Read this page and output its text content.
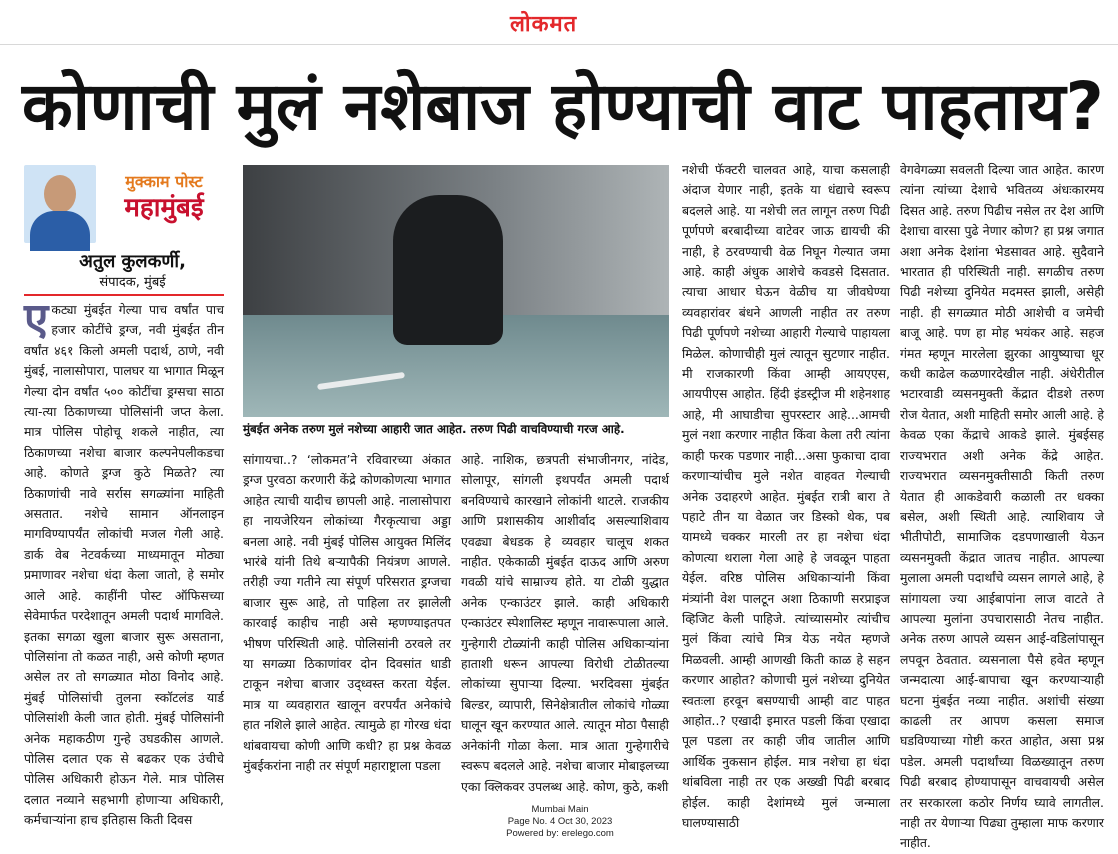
लोकमत
कोणाची मुलं नशेबाज होण्याची वाट पाहताय?
मुक्काम पोस्ट
महामुंबई
अतुल कुलकर्णी,
संपादक, मुंबई
ए कट्या मुंबईत गेल्या पाच वर्षांत पाच हजार कोटींचे ड्रग्ज, नवी मुंबईत तीन वर्षांत ४६१ किलो अमली पदार्थ, ठाणे, नवी मुंबई, नालासोपारा, पालघर या भागात मिळून गेल्या दोन वर्षांत ५०० कोटींचा ड्रग्सचा साठा त्या-त्या ठिकाणच्या पोलिसांनी जप्त केला. मात्र पोलिस पोहोचू शकले नाहीत, त्या ठिकाणच्या नशेचा बाजार कल्पनेपलीकडचा आहे. कोणते ड्रग्ज कुठे मिळते? त्या ठिकाणांची नावे सर्रास सगळ्यांना माहिती असतात. नशेचे सामान ऑनलाइन मागविण्यापर्यंत लोकांची मजल गेली आहे. डार्क वेब नेटवर्कच्या माध्यमातून मोठ्या प्रमाणावर नशेचा धंदा केला जातो, हे समोर आले आहे. काहींनी पोस्ट ऑफिसच्या सेवेमार्फत परदेशातून अमली पदार्थ मागविले. इतका सगळा खुला बाजार सुरू असताना, पोलिसांना तो कळत नाही, असे कोणी म्हणत असेल तर तो सगळ्यात मोठा विनोद आहे. मुंबई पोलिसांची तुलना स्कॉटलंड यार्ड पोलिसांशी केली जात होती. मुंबई पोलिसांनी अनेक महाकठीण गुन्हे उघडकीस आणले. पोलिस दलात एक से बढकर एक उंचीचे पोलिस अधिकारी होऊन गेले. मात्र पोलिस दलात नव्याने सहभागी होणाऱ्या अधिकारी, कर्मचाऱ्यांना हाच इतिहास किती दिवस
मुंबईत अनेक तरुण मुलं नशेच्या आहारी जात आहेत. तरुण पिढी वाचविण्याची गरज आहे.

सांगायचा..? ‘लोकमत’ने रविवारच्या अंकात ड्रग्ज पुरवठा करणारी केंद्रे कोणकोणत्या भागात आहेत त्याची यादीच छापली आहे. नालासोपारा हा नायजेरियन लोकांच्या गैरकृत्याचा अड्डा बनला आहे. नवी मुंबई पोलिस आयुक्त मिलिंद भारंबे यांनी तिथे बऱ्यापैकी नियंत्रण आणले. तरीही ज्या गतीने त्या संपूर्ण परिसरात ड्रग्जचा बाजार सुरू आहे, तो पाहिला तर झालेली कारवाई काहीच नाही असे म्हणण्याइतपत भीषण परिस्थिती आहे. पोलिसांनी ठरवले तर या सगळ्या ठिकाणांवर दोन दिवसांत धाडी टाकून नशेचा बाजार उद्ध्वस्त करता येईल. मात्र या व्यवहारात खालून वरपर्यंत अनेकांचे हात नशिले झाले आहेत. त्यामुळे हा गोरख धंदा थांबवायचा कोणी आणि कधी? हा प्रश्न केवळ मुंबईकरांना नाही तर संपूर्ण महाराष्ट्राला पडला

आहे. नाशिक, छत्रपती संभाजीनगर, नांदेड, सोलापूर, सांगली इथपर्यंत अमली पदार्थ बनविण्याचे कारखाने लोकांनी थाटले. राजकीय आणि प्रशासकीय आशीर्वाद असल्याशिवाय एवढ्या बेधडक हे व्यवहार चालूच शकत नाहीत. एकेकाळी मुंबईत दाऊद आणि अरुण गवळी यांचे साम्राज्य होते. या टोळी युद्धात अनेक एन्काउंटर झाले. काही अधिकारी एन्काउंटर स्पेशालिस्ट म्हणून नावारूपाला आले. गुन्हेगारी टोळ्यांनी काही पोलिस अधिकाऱ्यांना हाताशी धरून आपल्या विरोधी टोळीतल्या लोकांच्या सुपाऱ्या दिल्या. भरदिवसा मुंबईत बिल्डर, व्यापारी, सिनेक्षेत्रातील लोकांचे गोळ्या घालून खून करण्यात आले. त्यातून मोठा पैसाही अनेकांनी गोळा केला. मात्र आता गुन्हेगारीचे स्वरूप बदलले आहे. नशेचा बाजार मोबाइलच्या एका क्लिकवर उपलब्ध आहे. कोण, कुठे, कशी

नशेची फॅक्टरी चालवत आहे, याचा कसलाही अंदाज येणार नाही, इतके या धंद्याचे स्वरूप बदलले आहे. या नशेची लत लागून तरुण पिढी पूर्णपणे बरबादीच्या वाटेवर जाऊ द्यायची की नाही, हे ठरवण्याची वेळ निघून गेल्यात जमा आहे. काही अंधुक आशेचे कवडसे दिसतात. त्याचा आधार घेऊन वेळीच या जीवघेण्या व्यवहारांवर बंधने आणली नाहीत तर तरुण पिढी पूर्णपणे नशेच्या आहारी गेल्याचे पाहायला मिळेल. कोणाचीही मुलं त्यातून सुटणार नाहीत. मी राजकारणी किंवा आम्ही आयएएस, आयपीएस आहोत. हिंदी इंडस्ट्रीज मी शहेनशाह आहे, मी आघाडीचा सुपरस्टार आहे...आमची मुलं नशा करणार नाहीत किंवा केला तरी त्यांना काही फरक पडणार नाही...असा फुकाचा दावा करणाऱ्यांचीच मुले नशेत वाहवत गेल्याची अनेक उदाहरणे आहेत. मुंबईत रात्री बारा ते पहाटे तीन या वेळात जर डिस्को थेक, पब यामध्ये चक्कर मारली तर हा नशेचा धंदा कोणत्या थराला गेला आहे हे जवळून पाहता येईल. वरिष्ठ पोलिस अधिकाऱ्यांनी किंवा मंत्र्यांनी वेश पालटून अशा ठिकाणी सरप्राइज व्हिजिट केली पाहिजे. त्यांच्यासमोर त्यांचीच मुलं किंवा त्यांचे मित्र येऊ नयेत म्हणजे मिळवली. आम्ही आणखी किती काळ हे सहन करणार आहोत? कोणाची मुलं नशेच्या दुनियेत स्वतःला हरवून बसण्याची आम्ही वाट पाहत आहोत..? एखादी इमारत पडली किंवा एखादा पूल पडला तर काही जीव जातील आणि आर्थिक नुकसान होईल. मात्र नशेचा हा धंदा थांबविला नाही तर एक अख्खी पिढी बरबाद होईल. काही देशांमध्ये मुलं जन्माला घालण्यासाठी

वेगवेगळ्या सवलती दिल्या जात आहेत. कारण त्यांना त्यांच्या देशाचे भवितव्य अंधःकारमय दिसत आहे. तरुण पिढीच नसेल तर देश आणि देशाचा वारसा पुढे नेणार कोण? हा प्रश्न जगात अशा अनेक देशांना भेडसावत आहे. सुदैवाने भारतात ही परिस्थिती नाही. सगळीच तरुण पिढी नशेच्या दुनियेत मदमस्त झाली, असेही नाही. ही सगळ्यात मोठी आशेची व जमेची बाजू आहे. पण हा मोह भयंकर आहे. सहज गंमत म्हणून मारलेला झुरका आयुष्याचा धूर कधी काढेल कळणारदेखील नाही. अंधेरीतील भटारवाडी व्यसनमुक्ती केंद्रात दीडशे तरुण रोज येतात, अशी माहिती समोर आली आहे. हे केवळ एका केंद्राचे आकडे झाले. मुंबईसह राज्यभरात अशी अनेक केंद्रे आहेत. राज्यभरात व्यसनमुक्तीसाठी किती तरुण येतात ही आकडेवारी कळाली तर धक्का बसेल, अशी स्थिती आहे. त्याशिवाय जे भीतीपोटी, सामाजिक दडपणाखाली येऊन व्यसनमुक्ती केंद्रात जातच नाहीत. आपल्या मुलाला अमली पदार्थांचे व्यसन लागले आहे, हे सांगायला ज्या आईबापांना लाज वाटते ते आपल्या मुलांना उपचारासाठी नेतच नाहीत. अनेक तरुण आपले व्यसन आई-वडिलांपासून लपवून ठेवतात. व्यसनाला पैसे हवेत म्हणून जन्मदात्या आई-बापाचा खून करण्याऱ्याही घटना मुंबईत नव्या नाहीत. अशांची संख्या काढली तर आपण कसला समाज घडविण्याच्या गोष्टी करत आहोत, असा प्रश्न पडेल. अमली पदार्थांच्या विळख्यातून तरुण पिढी बरबाद होण्यापासून वाचवायची असेल तर सरकारला कठोर निर्णय घ्यावे लागतील. नाही तर येणाऱ्या पिढ्या तुम्हाला माफ करणार नाहीत.

Mumbai Main
Page No. 4 Oct 30, 2023
Powered by: erelego.com
